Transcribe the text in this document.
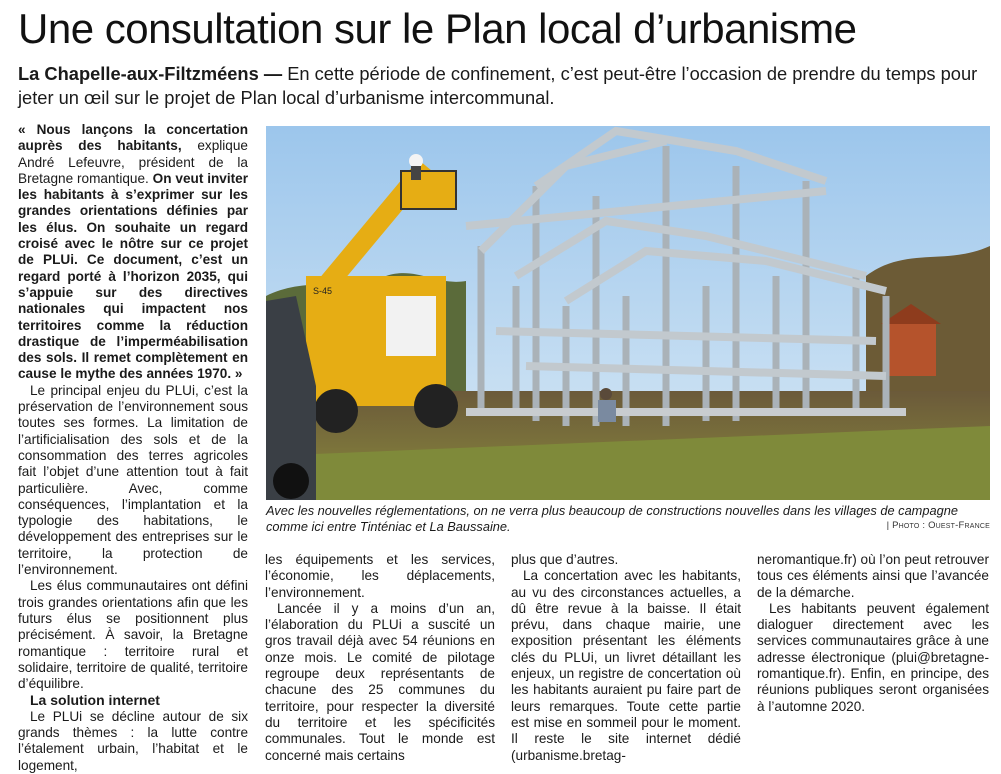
Une consultation sur le Plan local d’urbanisme

La Chapelle-aux-Filtzméens — En cette période de confinement, c’est peut-être l’occasion de prendre du temps pour jeter un œil sur le projet de Plan local d’urbanisme intercommunal.

« Nous lançons la concertation auprès des habitants, explique André Lefeuvre, président de la Bretagne romantique. On veut inviter les habitants à s’exprimer sur les grandes orientations définies par les élus. On souhaite un regard croisé avec le nôtre sur ce projet de PLUi. Ce document, c’est un regard porté à l’horizon 2035, qui s’appuie sur des directives nationales qui impactent nos territoires comme la réduction drastique de l’imperméabilisation des sols. Il remet complètement en cause le mythe des années 1970. »

Le principal enjeu du PLUi, c’est la préservation de l’environnement sous toutes ses formes. La limitation de l’artificialisation des sols et de la consommation des terres agricoles fait l’objet d’une attention tout à fait particulière. Avec, comme conséquences, l’implantation et la typologie des habitations, le développement des entreprises sur le territoire, la protection de l’environnement.

Les élus communautaires ont défini trois grandes orientations afin que les futurs élus se positionnent plus précisément. À savoir, la Bretagne romantique : territoire rural et solidaire, territoire de qualité, territoire d’équilibre.

La solution internet

Le PLUi se décline autour de six grands thèmes : la lutte contre l’étalement urbain, l’habitat et le logement,

S-45
Avec les nouvelles réglementations, on ne verra plus beaucoup de constructions nouvelles dans les villages de campagne comme ici entre Tinténiac et La Baussaine.	| Photo : Ouest-France

les équipements et les services, l’économie, les déplacements, l’environnement.

Lancée il y a moins d’un an, l’élaboration du PLUi a suscité un gros travail déjà avec 54 réunions en onze mois. Le comité de pilotage regroupe deux représentants de chacune des 25 communes du territoire, pour respecter la diversité du territoire et les spécificités communales. Tout le monde est concerné mais certains

plus que d’autres.

La concertation avec les habitants, au vu des circonstances actuelles, a dû être revue à la baisse. Il était prévu, dans chaque mairie, une exposition présentant les éléments clés du PLUi, un livret détaillant les enjeux, un registre de concertation où les habitants auraient pu faire part de leurs remarques. Toute cette partie est mise en sommeil pour le moment. Il reste le site internet dédié (urbanisme.bretag-

neromantique.fr) où l’on peut retrouver tous ces éléments ainsi que l’avancée de la démarche.

Les habitants peuvent également dialoguer directement avec les services communautaires grâce à une adresse électronique (plui@bretagne-romantique.fr). Enfin, en principe, des réunions publiques seront organisées à l’automne 2020.
